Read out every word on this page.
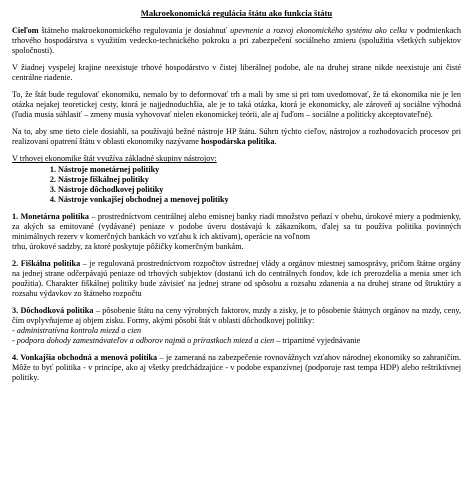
Makroekonomická regulácia štátu ako funkcia štátu

Cieľom štátneho makroekonomického regulovania je dosiahnuť upevnenie a rozvoj ekonomického systému ako celku v podmienkach trhového hospodárstva s využitím vedecko-technického pokroku a pri zabezpečení sociálneho zmieru (spolužitia všetkých subjektov spoločnosti).

V žiadnej vyspelej krajine neexistuje trhové hospodárstvo v čistej liberálnej podobe, ale na druhej strane nikde neexistuje ani čisté centrálne riadenie.

To, že štát bude regulovať ekonomiku, nemalo by to deformovať trh a mali by sme si pri tom uvedomovať, že tá ekonomika nie je len otázka nejakej teoretickej cesty, ktorá je najjednoduchšia, ale je to taká otázka, ktorá je ekonomicky, ale zároveň aj sociálne výhodná (ľudia musia súhlasiť – zmeny musia vyhovovať nielen ekonomickej teórii, ale aj ľuďom – sociálne a politicky akceptovateľné).

Na to, aby sme tieto ciele dosiahli, sa používajú bežné nástroje HP štátu. Súhrn týchto cieľov, nástrojov a rozhodovacích procesov pri realizovaní opatrení štátu v oblasti ekonomiky nazývame hospodárska politika.

V trhovej ekonomike štát využíva základné skupiny nástrojov:

1. Nástroje monetárnej politiky
2. Nástroje fiškálnej politiky
3. Nástroje dôchodkovej politiky
4. Nástroje vonkajšej obchodnej a menovej politiky

1. Monetárna politika – prostredníctvom centrálnej alebo emisnej banky riadi množstvo peňazí v obehu, úrokové miery a podmienky, za akých sa emitované (vydávané) peniaze v podobe úveru dostávajú k zákazníkom, ďalej sa tu používa politika povinných minimálnych rezerv v komerčných bankách vo vzťahu k ich aktívam), operácie na voľnom

trhu, úrokové sadzby, za ktoré poskytuje pôžičky komerčným bankám.

2. Fiškálna politika – je regulovaná prostredníctvom rozpočtov ústrednej vlády a orgánov miestnej samosprávy, pričom štátne orgány na jednej strane odčerpávajú peniaze od trhových subjektov (dostanú ich do centrálnych fondov, kde ich prerozdelia a menia smer ich použitia). Charakter fiškálnej politiky bude závisieť na jednej strane od spôsobu a rozsahu zdanenia a na druhej strane od štruktúry a rozsahu výdavkov zo štátneho rozpočtu

3. Dôchodková politika – pôsobenie štátu na ceny výrobných faktorov, mzdy a zisky, je to pôsobenie štátnych orgánov na mzdy, ceny, čím ovplyvňujeme aj objem zisku. Formy, akými pôsobí štát v oblasti dôchodkovej politiky:

- administratívna kontrola miezd a cien

- podpora dohody zamestnávateľov a odborov najmä o prírastkoch miezd a cien – tripartitné vyjednávanie

4. Vonkajšia obchodná a menová politika – je zameraná na zabezpečenie rovnovážnych vzťahov národnej ekonomiky so zahraničím. Môže to byť politika - v princípe, ako aj všetky predchádzajúce - v podobe expanzívnej (podporuje rast tempa HDP) alebo reštriktívnej politiky.
